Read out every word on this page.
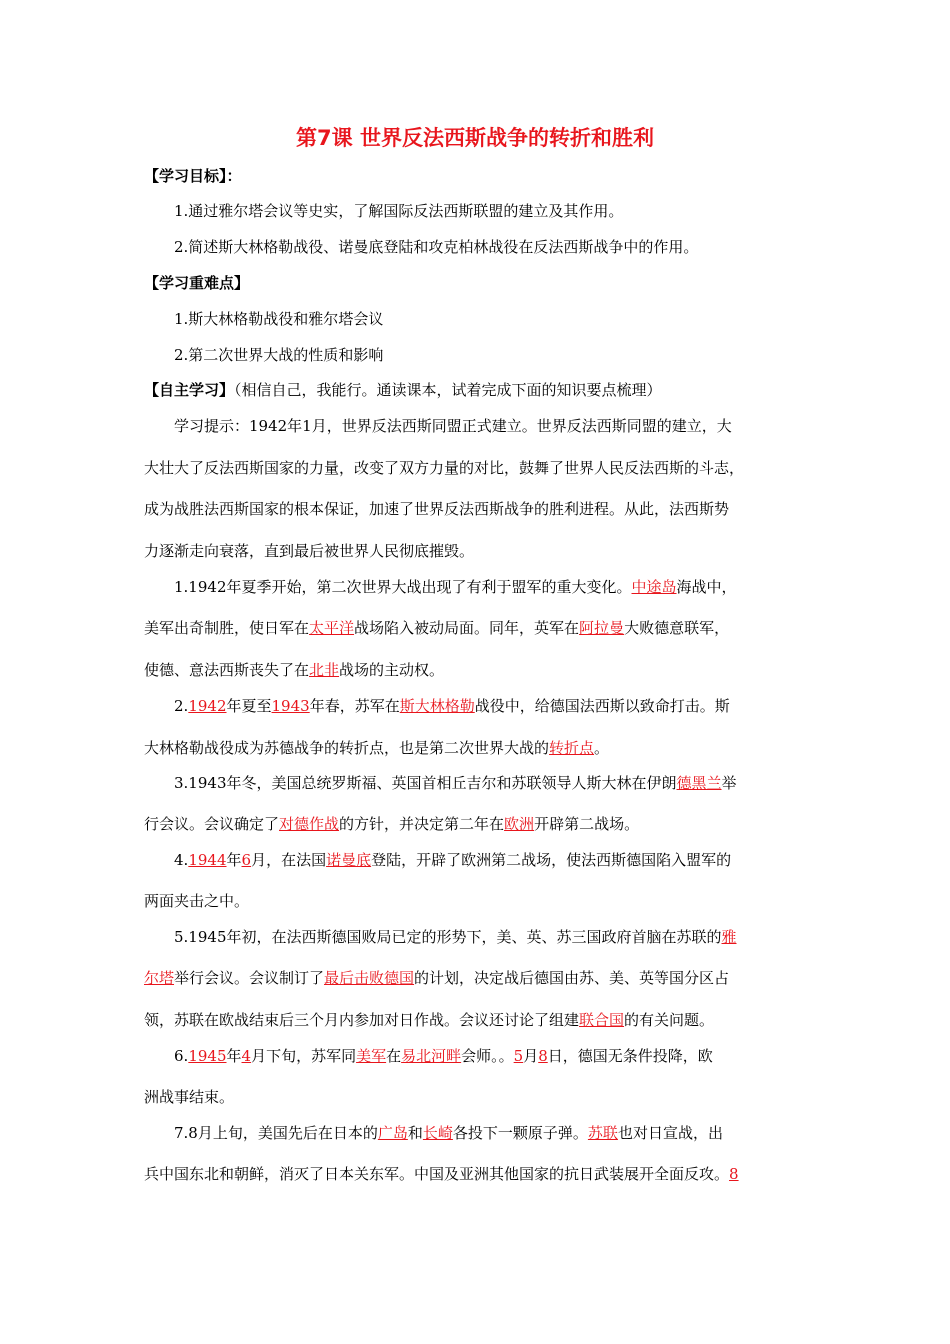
第7课 世界反法西斯战争的转折和胜利
【学习目标】：
1.通过雅尔塔会议等史实，了解国际反法西斯联盟的建立及其作用。
2.简述斯大林格勒战役、诺曼底登陆和攻克柏林战役在反法西斯战争中的作用。
【学习重难点】
1.斯大林格勒战役和雅尔塔会议
2.第二次世界大战的性质和影响
【自主学习】（相信自己，我能行。通读课本，试着完成下面的知识要点梳理）
学习提示：1942年1月，世界反法西斯同盟正式建立。世界反法西斯同盟的建立，大
大壮大了反法西斯国家的力量，改变了双方力量的对比，鼓舞了世界人民反法西斯的斗志，
成为战胜法西斯国家的根本保证，加速了世界反法西斯战争的胜利进程。从此，法西斯势
力逐渐走向衰落，直到最后被世界人民彻底摧毁。
1.1942年夏季开始，第二次世界大战出现了有利于盟军的重大变化。中途岛海战中，
美军出奇制胜，使日军在太平洋战场陷入被动局面。同年，英军在阿拉曼大败德意联军，
使德、意法西斯丧失了在北非战场的主动权。
2.1942年夏至1943年春，苏军在斯大林格勒战役中，给德国法西斯以致命打击。斯
大林格勒战役成为苏德战争的转折点，也是第二次世界大战的转折点。
3.1943年冬，美国总统罗斯福、英国首相丘吉尔和苏联领导人斯大林在伊朗德黑兰举
行会议。会议确定了对德作战的方针，并决定第二年在欧洲开辟第二战场。
4.1944年6月，在法国诺曼底登陆，开辟了欧洲第二战场，使法西斯德国陷入盟军的
两面夹击之中。
5.1945年初，在法西斯德国败局已定的形势下，美、英、苏三国政府首脑在苏联的雅
尔塔举行会议。会议制订了最后击败德国的计划，决定战后德国由苏、美、英等国分区占
领，苏联在欧战结束后三个月内参加对日作战。会议还讨论了组建联合国的有关问题。
6.1945年4月下旬，苏军同美军在易北河畔会师。。5月8日，德国无条件投降，欧
洲战事结束。
7.8月上旬，美国先后在日本的广岛和长崎各投下一颗原子弹。苏联也对日宣战，出
兵中国东北和朝鲜，消灭了日本关东军。中国及亚洲其他国家的抗日武装展开全面反攻。8
